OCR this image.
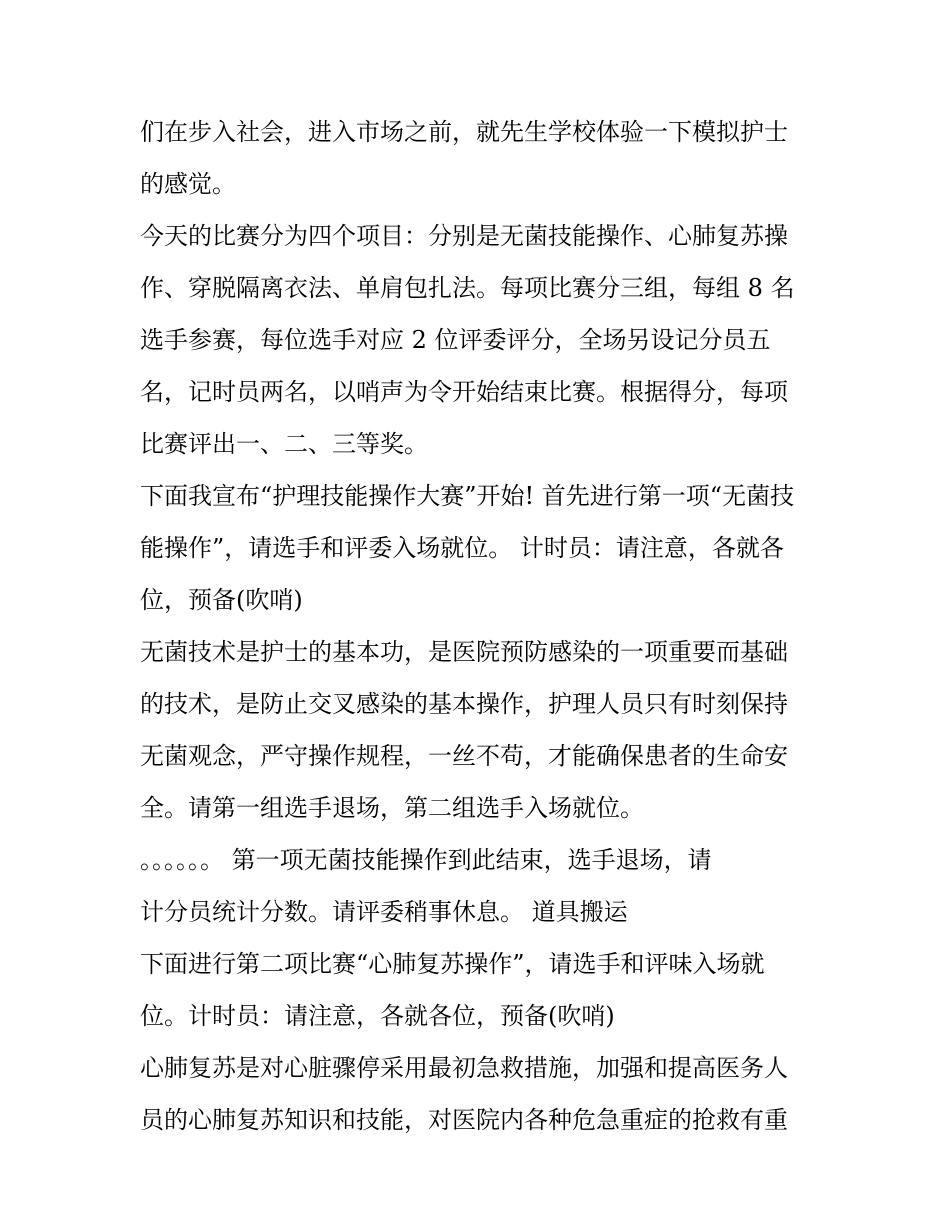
们在步入社会，进入市场之前，就先生学校体验一下模拟护士
的感觉。

今天的比赛分为四个项目：分别是无菌技能操作、心肺复苏操
作、穿脱隔离衣法、单肩包扎法。每项比赛分三组，每组 8 名
选手参赛，每位选手对应 2 位评委评分，全场另设记分员五
名，记时员两名，以哨声为令开始结束比赛。根据得分，每项
比赛评出一、二、三等奖。

下面我宣布“护理技能操作大赛”开始! 首先进行第一项“无菌技
能操作”，请选手和评委入场就位。 计时员：请注意，各就各
位，预备(吹哨)

无菌技术是护士的基本功，是医院预防感染的一项重要而基础
的技术，是防止交叉感染的基本操作，护理人员只有时刻保持
无菌观念，严守操作规程，一丝不苟，才能确保患者的生命安
全。请第一组选手退场，第二组选手入场就位。

。。。。。。 第一项无菌技能操作到此结束，选手退场，请
计分员统计分数。请评委稍事休息。 道具搬运

下面进行第二项比赛“心肺复苏操作”，请选手和评味入场就
位。计时员：请注意，各就各位，预备(吹哨)

心肺复苏是对心脏骤停采用最初急救措施，加强和提高医务人
员的心肺复苏知识和技能，对医院内各种危急重症的抢救有重
